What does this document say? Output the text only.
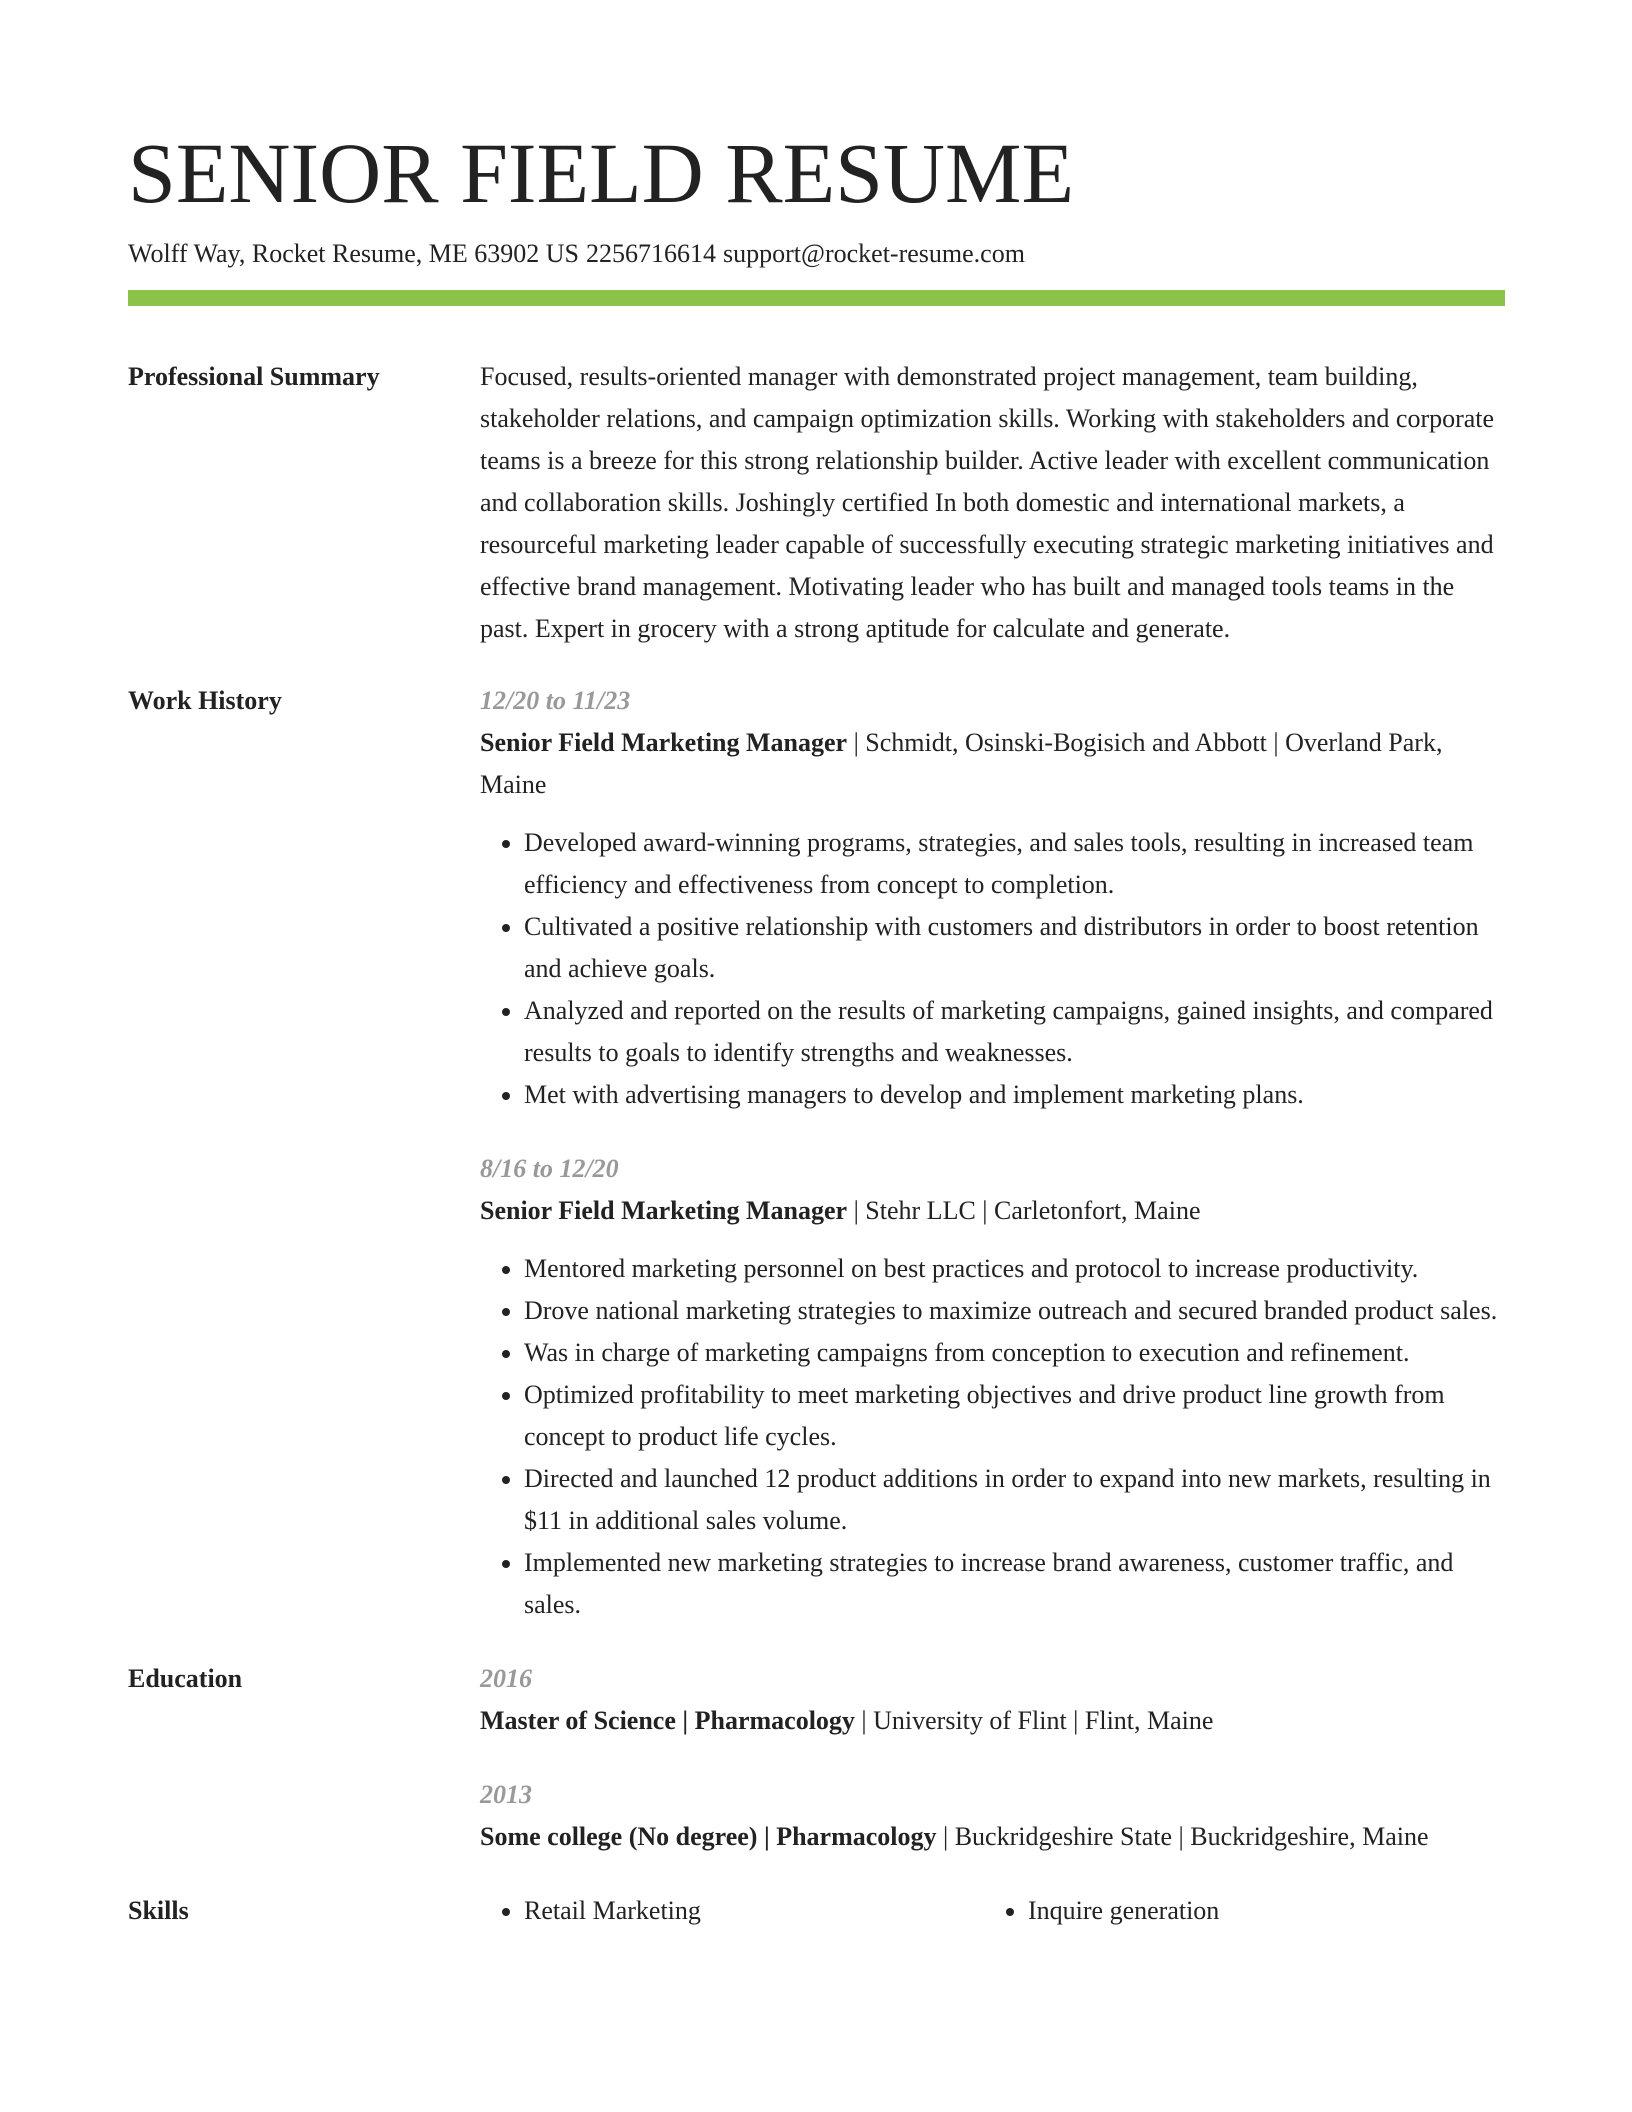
SENIOR FIELD RESUME
Wolff Way, Rocket Resume, ME 63902 US 2256716614 support@rocket-resume.com
Professional Summary	Focused, results-oriented manager with demonstrated project management, team building, stakeholder relations, and campaign optimization skills. Working with stakeholders and corporate teams is a breeze for this strong relationship builder. Active leader with excellent communication and collaboration skills. Joshingly certified In both domestic and international markets, a resourceful marketing leader capable of successfully executing strategic marketing initiatives and effective brand management. Motivating leader who has built and managed tools teams in the past. Expert in grocery with a strong aptitude for calculate and generate.

Work History	12/20 to 11/23
Senior Field Marketing Manager | Schmidt, Osinski-Bogisich and Abbott | Overland Park, Maine
• Developed award-winning programs, strategies, and sales tools, resulting in increased team efficiency and effectiveness from concept to completion.
• Cultivated a positive relationship with customers and distributors in order to boost retention and achieve goals.
• Analyzed and reported on the results of marketing campaigns, gained insights, and compared results to goals to identify strengths and weaknesses.
• Met with advertising managers to develop and implement marketing plans.
8/16 to 12/20
Senior Field Marketing Manager | Stehr LLC | Carletonfort, Maine
• Mentored marketing personnel on best practices and protocol to increase productivity.
• Drove national marketing strategies to maximize outreach and secured branded product sales.
• Was in charge of marketing campaigns from conception to execution and refinement.
• Optimized profitability to meet marketing objectives and drive product line growth from concept to product life cycles.
• Directed and launched 12 product additions in order to expand into new markets, resulting in $11 in additional sales volume.
• Implemented new marketing strategies to increase brand awareness, customer traffic, and sales.
Education	2016
Master of Science | Pharmacology | University of Flint | Flint, Maine
2013
Some college (No degree) | Pharmacology | Buckridgeshire State | Buckridgeshire, Maine
Skills	• Retail Marketing	• Inquire generation
